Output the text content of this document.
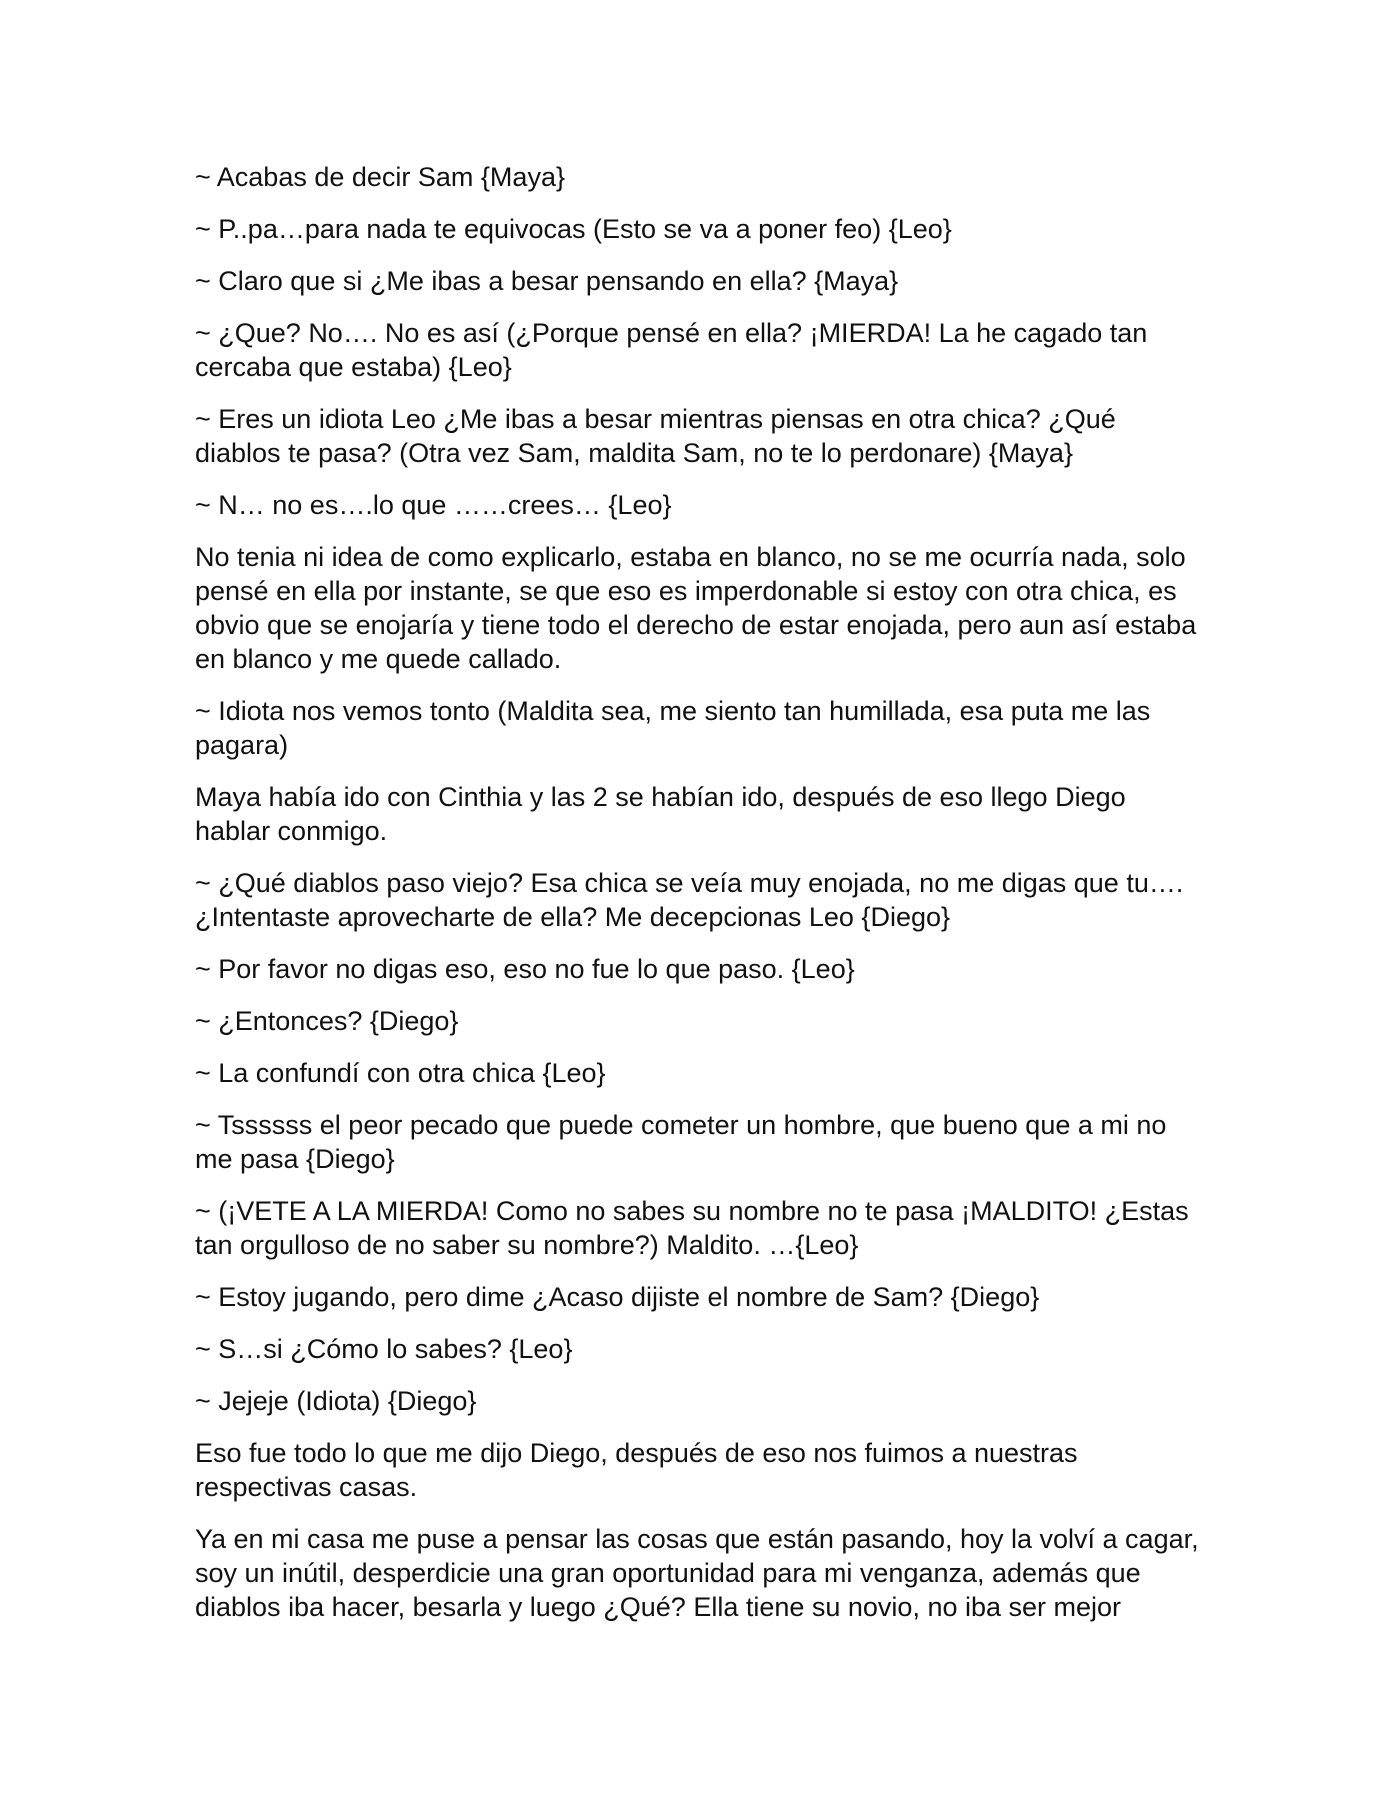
~ Acabas de decir Sam {Maya}

~ P..pa…para nada te equivocas (Esto se va a poner feo) {Leo}

~ Claro que si ¿Me ibas a besar pensando en ella? {Maya}

~ ¿Que? No…. No es así (¿Porque pensé en ella? ¡MIERDA! La he cagado tan cercaba que estaba) {Leo}

~ Eres un idiota Leo ¿Me ibas a besar mientras piensas en otra chica? ¿Qué diablos te pasa? (Otra vez Sam, maldita Sam, no te lo perdonare) {Maya}

~ N… no es….lo que ……crees… {Leo}

No tenia ni idea de como explicarlo, estaba en blanco, no se me ocurría nada, solo pensé en ella por instante, se que eso es imperdonable si estoy con otra chica, es obvio que se enojaría y tiene todo el derecho de estar enojada, pero aun así estaba en blanco y me quede callado.

~ Idiota nos vemos tonto (Maldita sea, me siento tan humillada, esa puta me las pagara)

Maya había ido con Cinthia y las 2 se habían ido, después de eso llego Diego hablar conmigo.

~ ¿Qué diablos paso viejo? Esa chica se veía muy enojada, no me digas que tu…. ¿Intentaste aprovecharte de ella? Me decepcionas Leo {Diego}

~ Por favor no digas eso, eso no fue lo que paso. {Leo}

~ ¿Entonces? {Diego}

~ La confundí con otra chica {Leo}

~ Tssssss el peor pecado que puede cometer un hombre, que bueno que a mi no me pasa {Diego}

~ (¡VETE A LA MIERDA! Como no sabes su nombre no te pasa ¡MALDITO! ¿Estas tan orgulloso de no saber su nombre?) Maldito. …{Leo}

~ Estoy jugando, pero dime ¿Acaso dijiste el nombre de Sam? {Diego}

~ S…si ¿Cómo lo sabes? {Leo}

~ Jejeje (Idiota) {Diego}

Eso fue todo lo que me dijo Diego, después de eso nos fuimos a nuestras respectivas casas.

Ya en mi casa me puse a pensar las cosas que están pasando, hoy la volví a cagar, soy un inútil, desperdicie una gran oportunidad para mi venganza, además que diablos iba hacer, besarla y luego ¿Qué? Ella tiene su novio, no iba ser mejor
